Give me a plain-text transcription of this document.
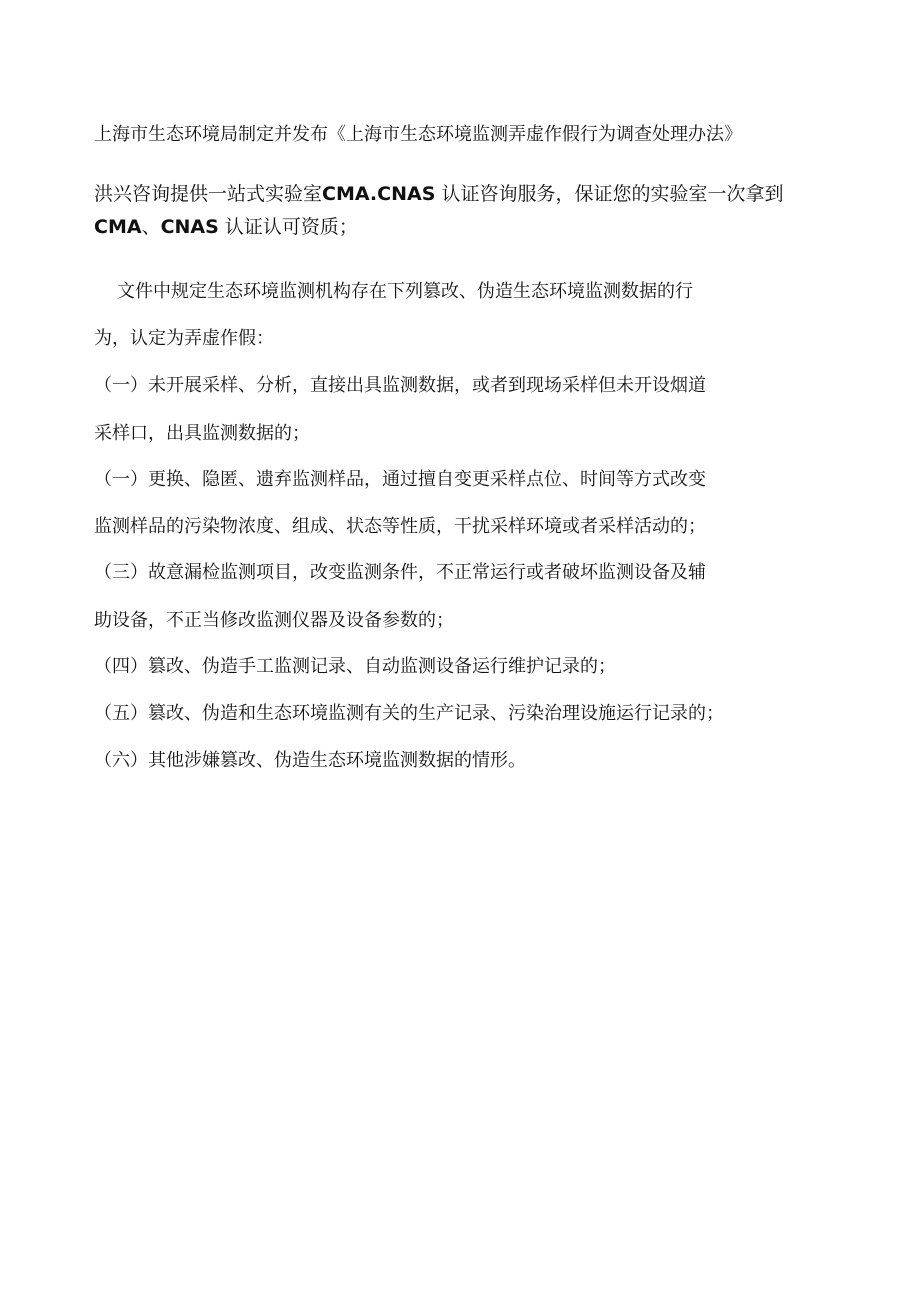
上海市生态环境局制定并发布《上海市生态环境监测弄虚作假行为调查处理办法》
洪兴咨询提供一站式实验室CMA.CNAS 认证咨询服务，保证您的实验室一次拿到
CMA、CNAS 认证认可资质；
文件中规定生态环境监测机构存在下列篡改、伪造生态环境监测数据的行
为，认定为弄虚作假：
（一）未开展采样、分析，直接出具监测数据，或者到现场采样但未开设烟道
采样口，出具监测数据的；
（一）更换、隐匿、遗弃监测样品，通过擅自变更采样点位、时间等方式改变
监测样品的污染物浓度、组成、状态等性质，干扰采样环境或者采样活动的；
（三）故意漏检监测项目，改变监测条件，不正常运行或者破坏监测设备及辅
助设备，不正当修改监测仪器及设备参数的；
（四）篡改、伪造手工监测记录、自动监测设备运行维护记录的；
（五）篡改、伪造和生态环境监测有关的生产记录、污染治理设施运行记录的；
（六）其他涉嫌篡改、伪造生态环境监测数据的情形。
